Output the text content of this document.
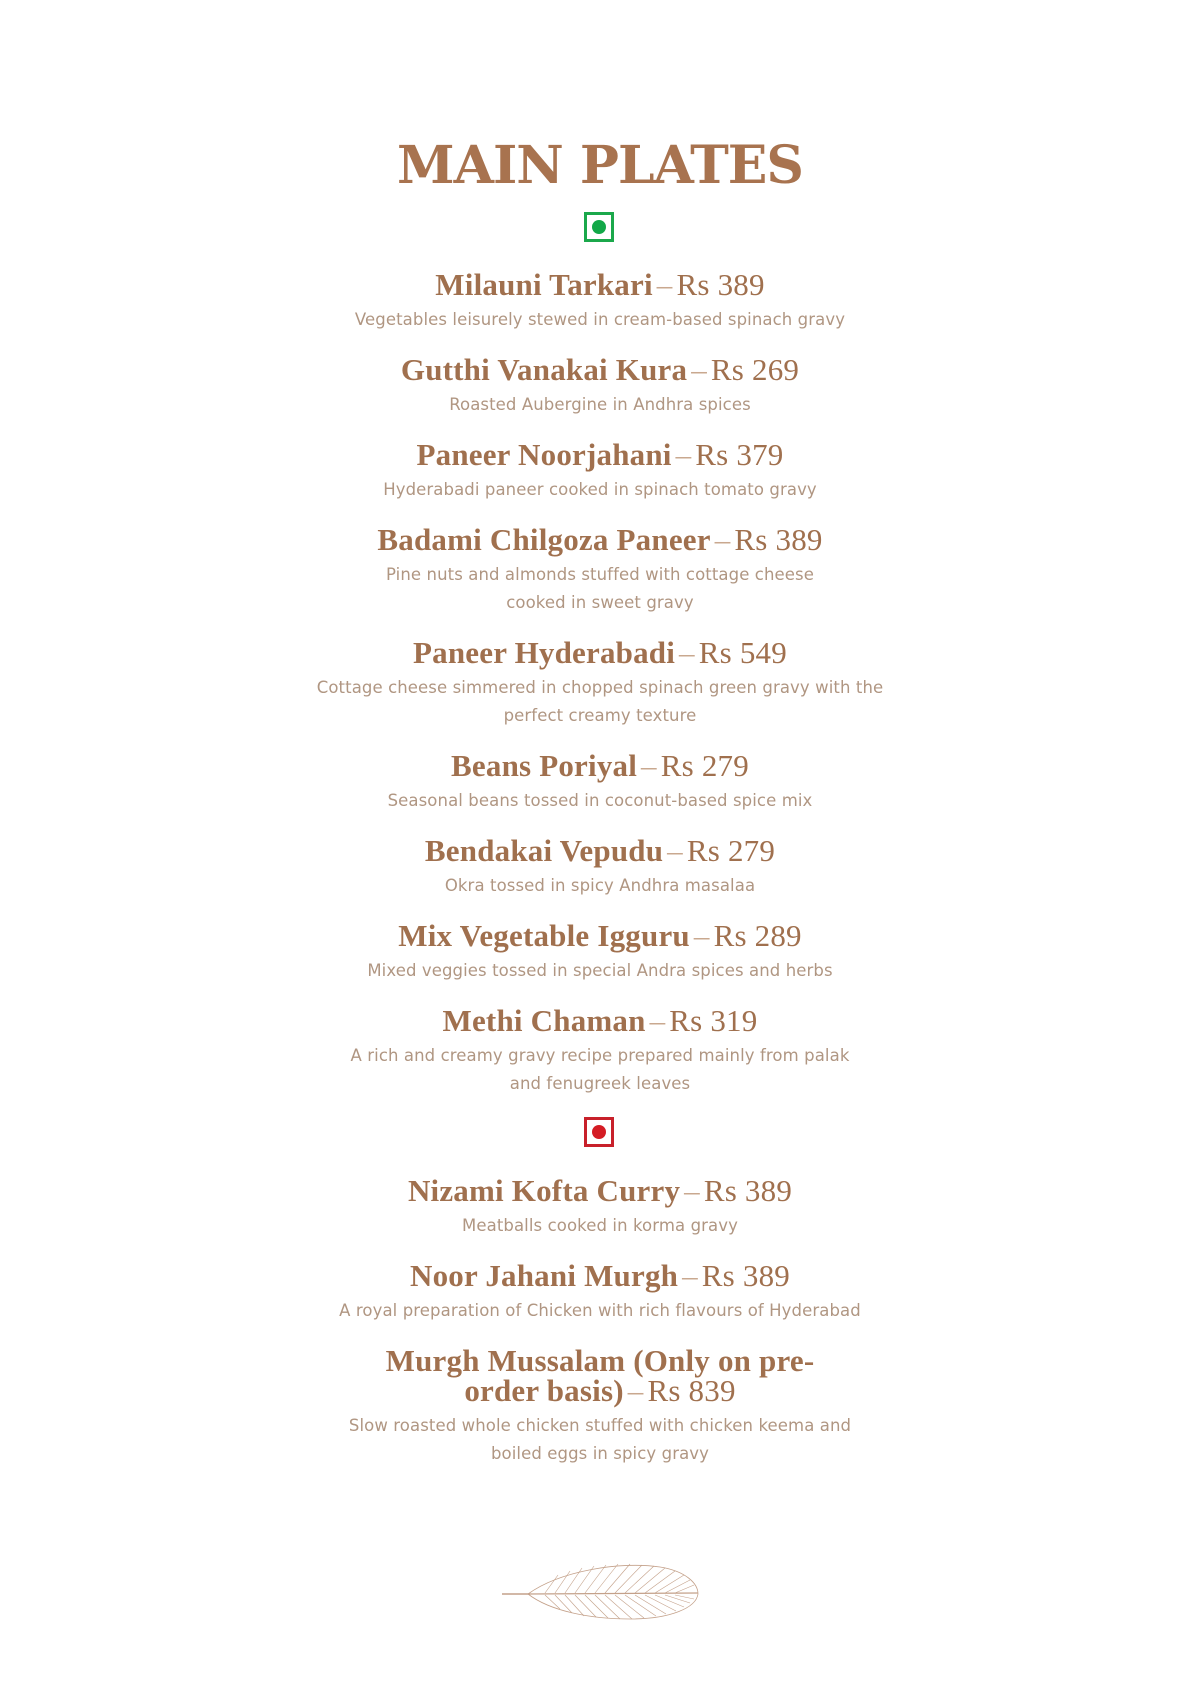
MAIN PLATES
Milauni Tarkari – Rs 389
Vegetables leisurely stewed in cream-based spinach gravy
Gutthi Vanakai Kura – Rs 269
Roasted Aubergine in Andhra spices
Paneer Noorjahani – Rs 379
Hyderabadi paneer cooked in spinach tomato gravy
Badami Chilgoza Paneer – Rs 389
Pine nuts and almonds stuffed with cottage cheese cooked in sweet gravy
Paneer Hyderabadi – Rs 549
Cottage cheese simmered in chopped spinach green gravy with the perfect creamy texture
Beans Poriyal – Rs 279
Seasonal beans tossed in coconut-based spice mix
Bendakai Vepudu – Rs 279
Okra tossed in spicy Andhra masalaa
Mix Vegetable Igguru – Rs 289
Mixed veggies tossed in special Andra spices and herbs
Methi Chaman – Rs 319
A rich and creamy gravy recipe prepared mainly from palak and fenugreek leaves
Nizami Kofta Curry – Rs 389
Meatballs cooked in korma gravy
Noor Jahani Murgh – Rs 389
A royal preparation of Chicken with rich flavours of Hyderabad
Murgh Mussalam (Only on pre-order basis) – Rs 839
Slow roasted whole chicken stuffed with chicken keema and boiled eggs in spicy gravy
